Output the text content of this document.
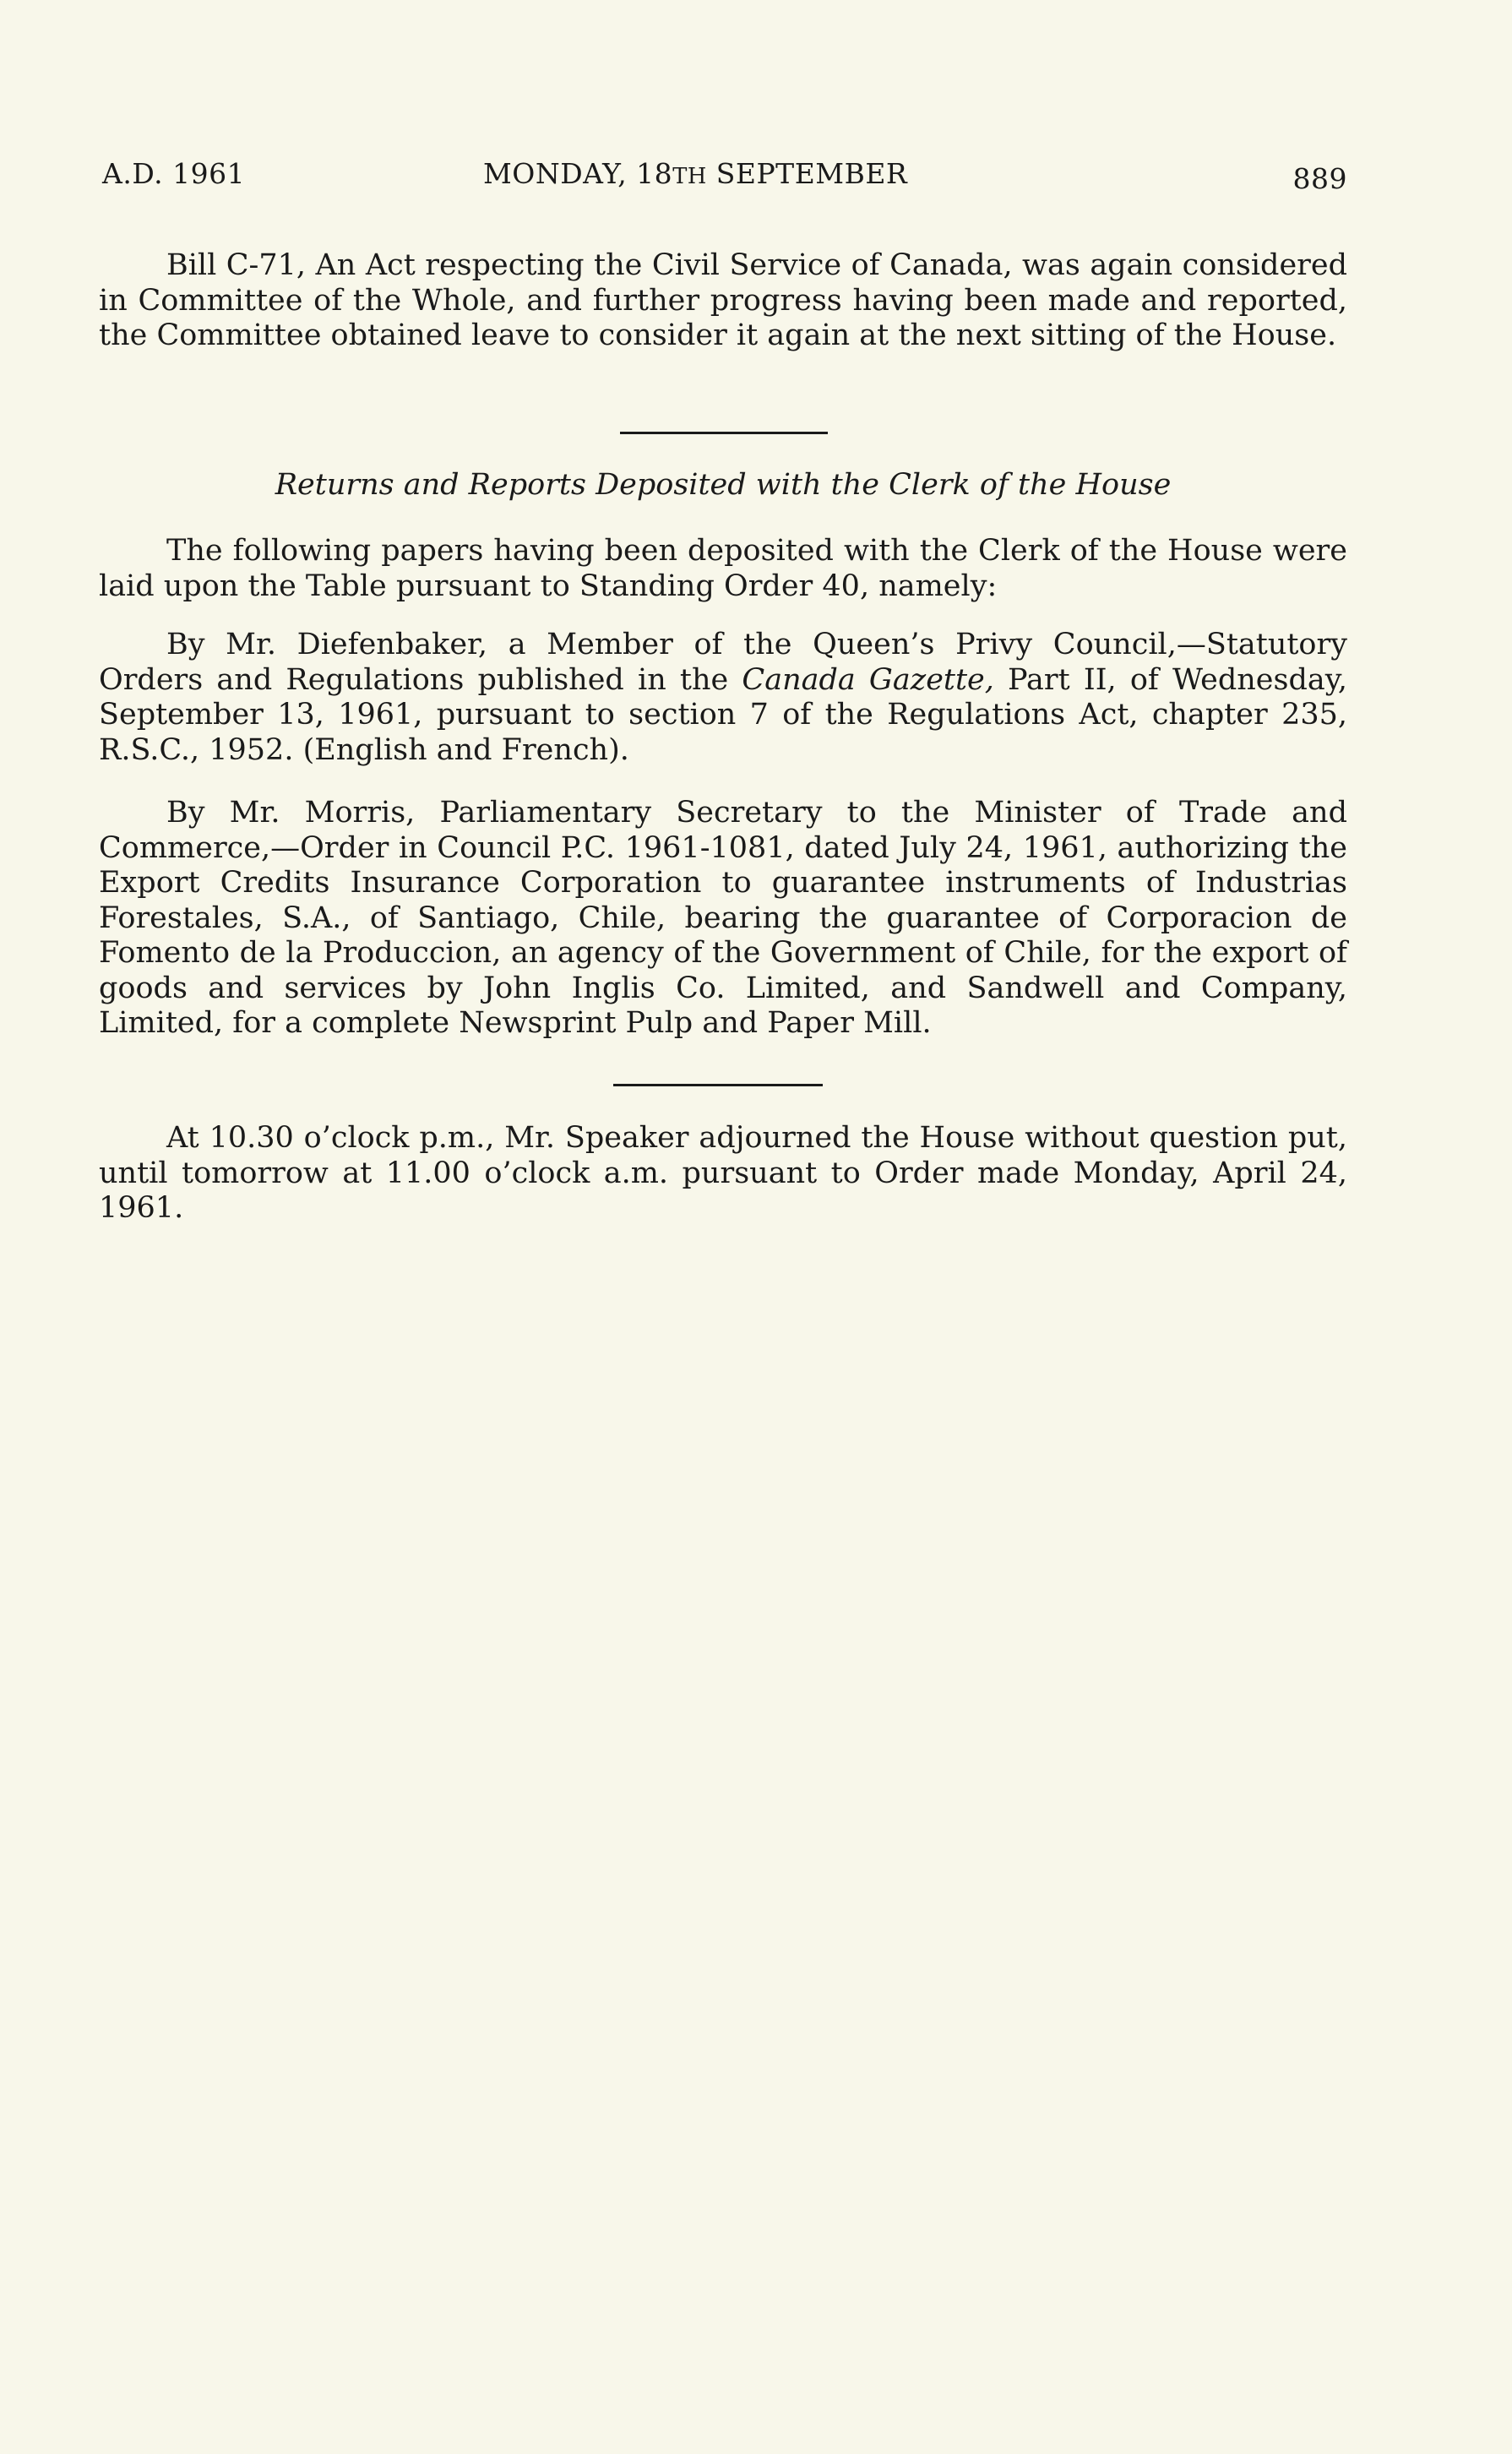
A.D. 1961	MONDAY, 18TH SEPTEMBER	889

Bill C-71, An Act respecting the Civil Service of Canada, was again considered in Committee of the Whole, and further progress having been made and reported, the Committee obtained leave to consider it again at the next sitting of the House.

Returns and Reports Deposited with the Clerk of the House

The following papers having been deposited with the Clerk of the House were laid upon the Table pursuant to Standing Order 40, namely:

By Mr. Diefenbaker, a Member of the Queen’s Privy Council,—Statutory Orders and Regulations published in the Canada Gazette, Part II, of Wednesday, September 13, 1961, pursuant to section 7 of the Regulations Act, chapter 235, R.S.C., 1952. (English and French).

By Mr. Morris, Parliamentary Secretary to the Minister of Trade and Commerce,—Order in Council P.C. 1961-1081, dated July 24, 1961, authorizing the Export Credits Insurance Corporation to guarantee instruments of Industrias Forestales, S.A., of Santiago, Chile, bearing the guarantee of Corporacion de Fomento de la Produccion, an agency of the Government of Chile, for the export of goods and services by John Inglis Co. Limited, and Sandwell and Company, Limited, for a complete Newsprint Pulp and Paper Mill.

At 10.30 o’clock p.m., Mr. Speaker adjourned the House without question put, until tomorrow at 11.00 o’clock a.m. pursuant to Order made Monday, April 24, 1961.
